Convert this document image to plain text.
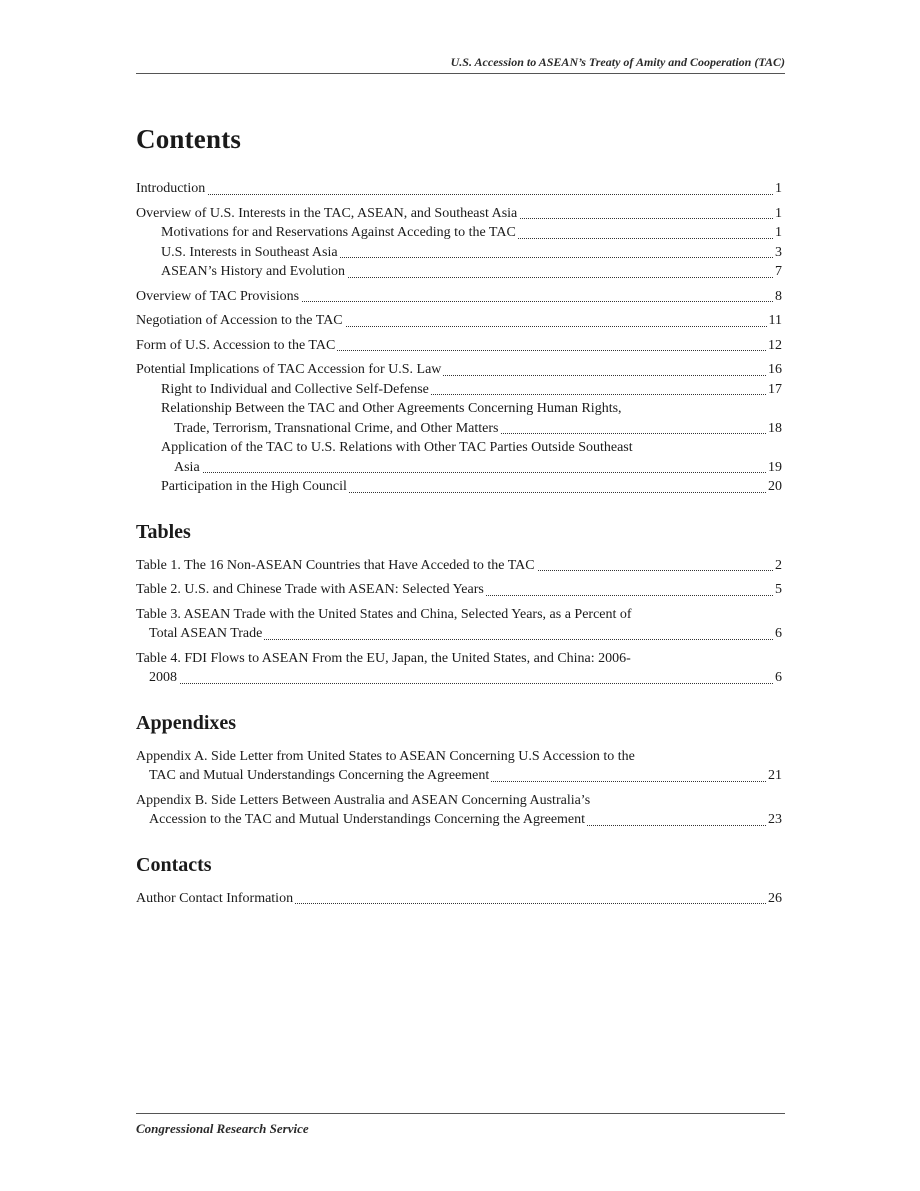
U.S. Accession to ASEAN’s Treaty of Amity and Cooperation (TAC)
Contents
Introduction	1
Overview of U.S. Interests in the TAC, ASEAN, and Southeast Asia	1
Motivations for and Reservations Against Acceding to the TAC	1
U.S. Interests in Southeast Asia	3
ASEAN’s History and Evolution	7
Overview of TAC Provisions	8
Negotiation of Accession to the TAC	11
Form of U.S. Accession to the TAC	12
Potential Implications of TAC Accession for U.S. Law	16
Right to Individual and Collective Self-Defense	17
Relationship Between the TAC and Other Agreements Concerning Human Rights,
Trade, Terrorism, Transnational Crime, and Other Matters	18
Application of the TAC to U.S. Relations with Other TAC Parties Outside Southeast
Asia	19
Participation in the High Council	20
Tables
Table 1. The 16 Non-ASEAN Countries that Have Acceded to the TAC	2
Table 2. U.S. and Chinese Trade with ASEAN: Selected Years	5
Table 3. ASEAN Trade with the United States and China, Selected Years, as a Percent of
Total ASEAN Trade	6
Table 4. FDI Flows to ASEAN From the EU, Japan, the United States, and China: 2006-
2008	6
Appendixes
Appendix A. Side Letter from United States to ASEAN Concerning U.S Accession to the
TAC and Mutual Understandings Concerning the Agreement	21
Appendix B. Side Letters Between Australia and ASEAN Concerning Australia’s
Accession to the TAC and Mutual Understandings Concerning the Agreement	23
Contacts
Author Contact Information	26
Congressional Research Service
